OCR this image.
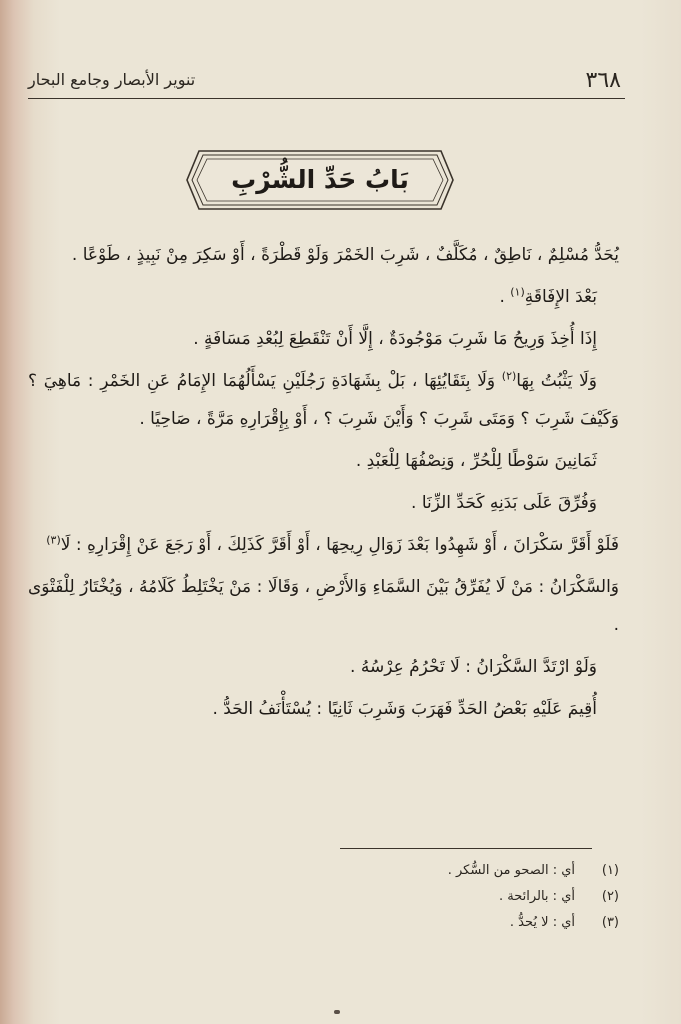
٣٦٨
تنوير الأبصار وجامع البحار
بَابُ حَدِّ الشُّرْبِ

يُحَدُّ مُسْلِمٌ ، نَاطِقٌ ، مُكَلَّفٌ ، شَرِبَ الخَمْرَ وَلَوْ قَطْرَةً ، أَوْ سَكِرَ مِنْ نَبِيذٍ ، طَوْعًا .

بَعْدَ الإِفَاقَةِ$^{(١)}$ .

إِذَا أُخِذَ وَرِيحُ مَا شَرِبَ مَوْجُودَةٌ ، إِلَّا أَنْ تَنْقَطِعَ لِبُعْدِ مَسَافَةٍ .

وَلَا يَثْبُتُ بِهَا$^{(٢)}$ وَلَا بِتَقَايُئِهَا ، بَلْ بِشَهَادَةِ رَجُلَيْنِ يَسْأَلُهُمَا الإِمَامُ عَنِ الخَمْرِ : مَاهِيَ ؟ وَكَيْفَ شَرِبَ ؟ وَمَتَى شَرِبَ ؟ وَأَيْنَ شَرِبَ ؟ ، أَوْ بِإِقْرَارِهِ مَرَّةً ، صَاحِيًا .

ثَمَانِينَ سَوْطًا لِلْحُرِّ ، وَنِصْفُهَا لِلْعَبْدِ .

وَفُرِّقَ عَلَى بَدَنِهِ كَحَدِّ الزِّنَا .

فَلَوْ أَقَرَّ سَكْرَانَ ، أَوْ شَهِدُوا بَعْدَ زَوَالِ رِيحِهَا ، أَوْ أَقَرَّ كَذَلِكَ ، أَوْ رَجَعَ عَنْ إِقْرَارِهِ : لَا$^{(٣)}$

وَالسَّكْرَانُ : مَنْ لَا يُفَرِّقُ بَيْنَ السَّمَاءِ وَالأَرْضِ ، وَقَالَا : مَنْ يَخْتَلِطُ كَلَامُهُ ، وَيُخْتَارُ لِلْفَتْوَى .

وَلَوْ ارْتَدَّ السَّكْرَانُ : لَا تَحْرُمُ عِرْسُهُ .

أُقِيمَ عَلَيْهِ بَعْضُ الحَدِّ فَهَرَبَ وَشَرِبَ ثَانِيًا : يُسْتَأْنَفُ الحَدُّ .

(١)أي : الصحو من السُّكر .
(٢)أي : بالرائحة .
(٣)أي : لا يُحدُّ .
